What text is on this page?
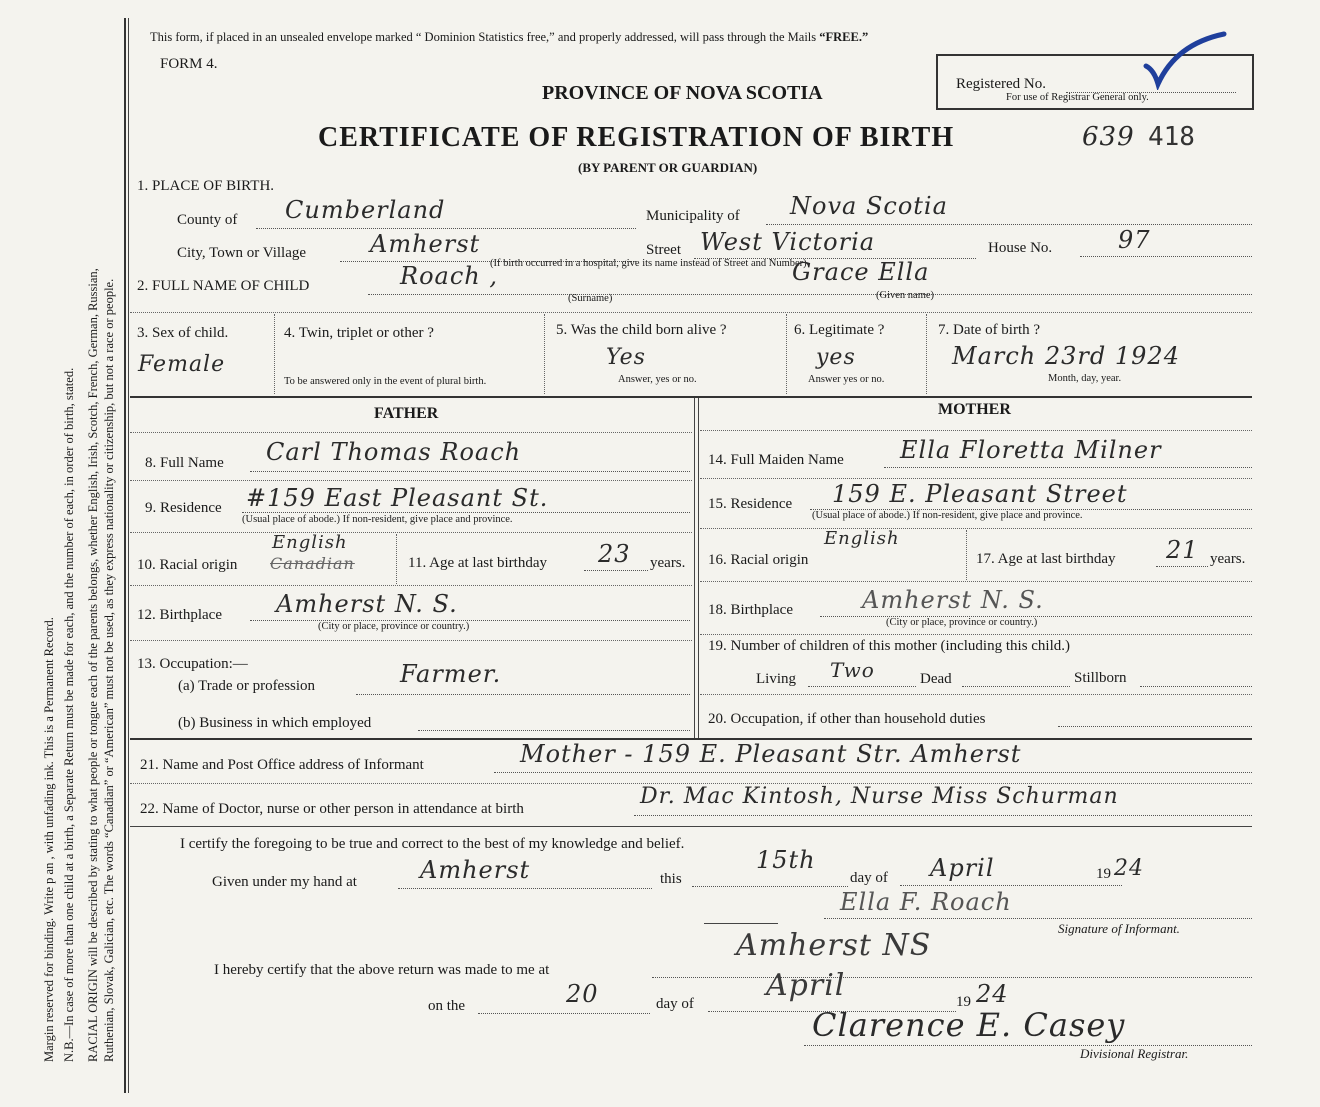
Margin reserved for binding. Write p an , with unfading ink. This is a Permanent Record. N.B.—In case of more than one child at a birth, a Separate Return must be made for each, and the number of each, in order of birth, stated. RACIAL ORIGIN will be described by stating to what people or tongue each of the parents belongs, whether English, Irish, Scotch, French, German, Russian, Ruthenian, Slovak, Galician, etc. The words “Canadian” or “American” must not be used, as they express nationality or citizenship, but not a race or people.
This form, if placed in an unsealed envelope marked “ Dominion Statistics free,” and properly addressed, will pass through the Mails “FREE.”
FORM 4.
Registered No.
For use of Registrar General only.
PROVINCE OF NOVA SCOTIA
CERTIFICATE OF REGISTRATION OF BIRTH	639 418
(BY PARENT OR GUARDIAN)
1. PLACE OF BIRTH.
County of Cumberland	Municipality of Nova Scotia
City, Town or Village	Amherst	Street West Victoria	House No.	97
(If birth occurred in a hospital, give its name instead of Street and Number)
2. FULL NAME OF CHILD	Roach ,
(Surname)
Grace Ella
(Given name)
3. Sex of child.
Female
4. Twin, triplet or other ?
To be answered only in the event of plural birth.
5. Was the child born alive ?
Yes
Answer, yes or no.
6. Legitimate ?
yes
Answer yes or no.
7. Date of birth ?
March 23rd 1924
Month, day, year.
FATHER	MOTHER
8. Full Name Carl Thomas Roach
9. Residence #159 East Pleasant St.
(Usual place of abode.) If non-resident, give place and province.
10. Racial origin
English
Canadian	11. Age at last birthday 23 years.
12. Birthplace Amherst N. S.
(City or place, province or country.)
13. Occupation:—
(a) Trade or profession	Farmer.
(b) Business in which employed
14. Full Maiden Name Ella Floretta Milner
15. Residence 159 E. Pleasant Street
(Usual place of abode.) If non-resident, give place and province.
16. Racial origin
English
17. Age at last birthday 21 years.
18. Birthplace	Amherst N. S.
(City or place, province or country.)
19. Number of children of this mother (including this child.)
Living Two	Dead	Stillborn
20. Occupation, if other than household duties
21. Name and Post Office address of Informant	Mother - 159 E. Pleasant Str. Amherst
22. Name of Doctor, nurse or other person in attendance at birth	Dr. Mac Kintosh, Nurse Miss Schurman
I certify the foregoing to be true and correct to the best of my knowledge and belief.
Given under my hand at	Amherst	this
15th
day of April	19 24
Ella F. Roach
Signature of Informant.
I hereby certify that the above return was made to me at
Amherst NS
on the	20	day of
April	19 24
Clarence E. Casey
Divisional Registrar.
